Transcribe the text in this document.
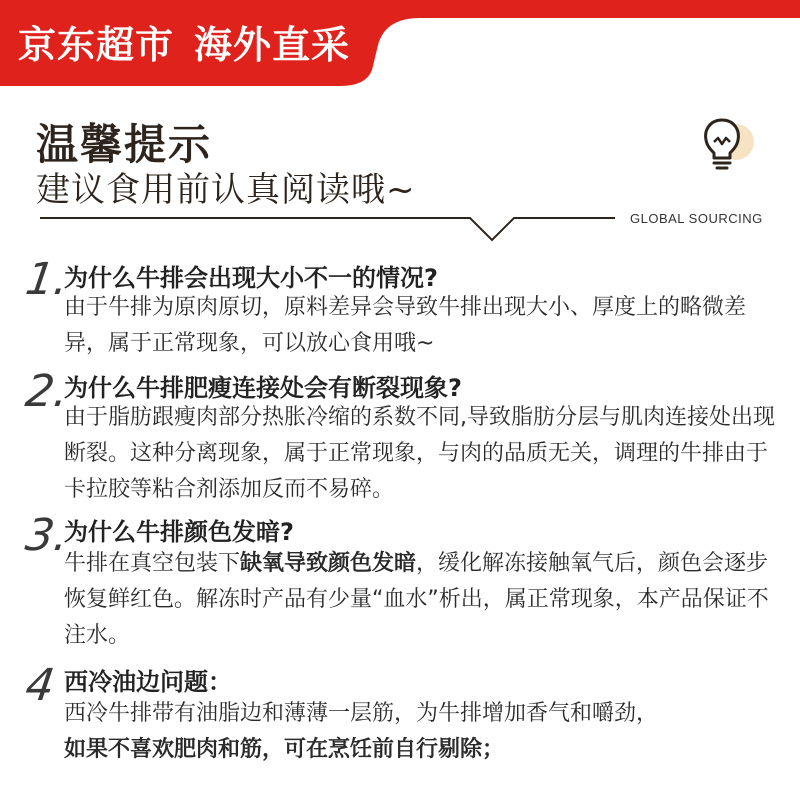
京东超市 海外直采
温馨提示
建议食用前认真阅读哦~
GLOBAL SOURCING
1.
为什么牛排会出现大小不一的情况?
由于牛排为原肉原切，原料差异会导致牛排出现大小、厚度上的略微差异，属于正常现象，可以放心食用哦~
2.
为什么牛排肥瘦连接处会有断裂现象?
由于脂肪跟瘦肉部分热胀冷缩的系数不同,导致脂肪分层与肌肉连接处出现断裂。这种分离现象，属于正常现象，与肉的品质无关，调理的牛排由于卡拉胶等粘合剂添加反而不易碎。
3.
为什么牛排颜色发暗?
牛排在真空包装下缺氧导致颜色发暗，缓化解冻接触氧气后，颜色会逐步恢复鲜红色。解冻时产品有少量“血水”析出，属正常现象，本产品保证不注水。
4 西冷油边问题：
西冷牛排带有油脂边和薄薄一层筋，为牛排增加香气和嚼劲，
如果不喜欢肥肉和筋，可在烹饪前自行剔除；
